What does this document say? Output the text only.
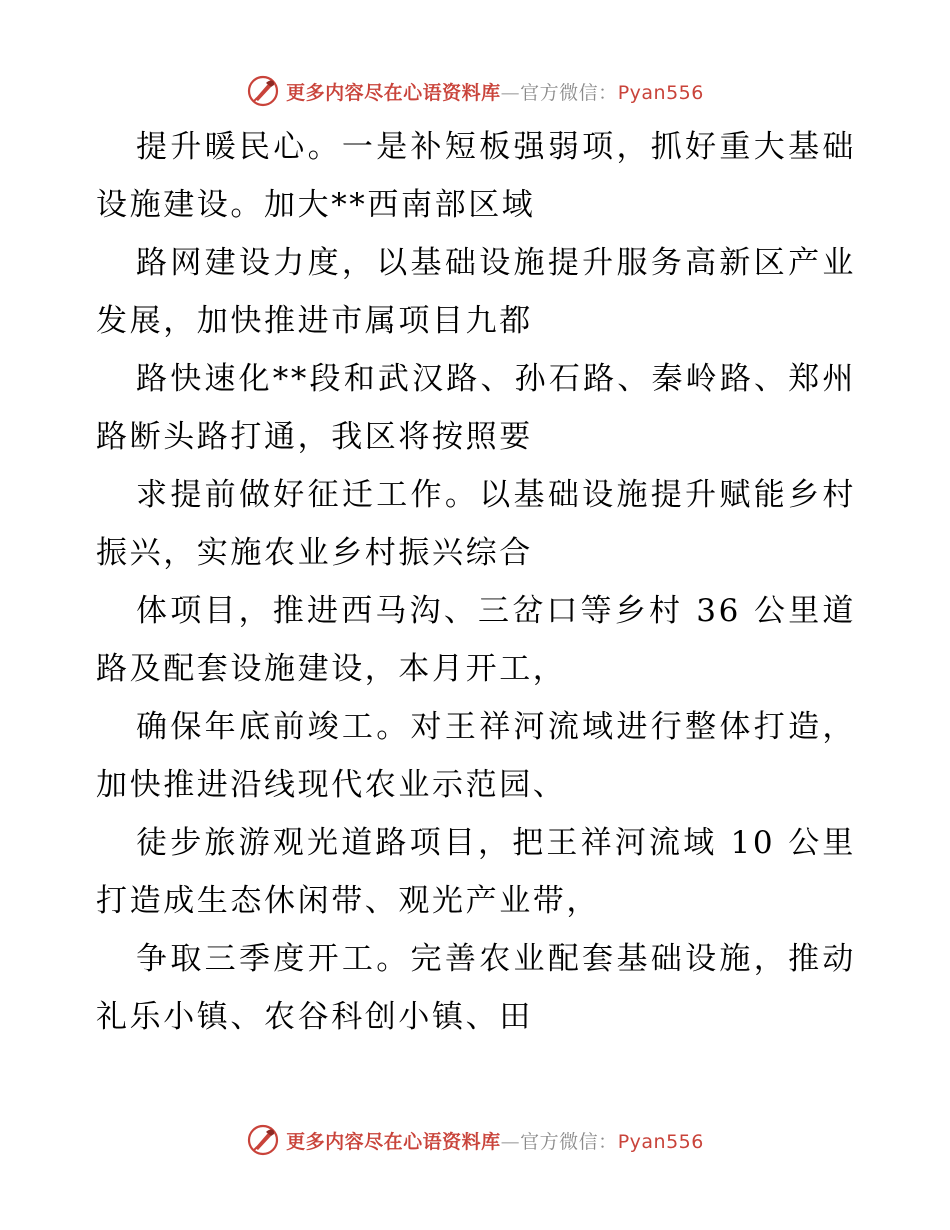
更多内容尽在心语资料库—官方微信：Pyan556
提升暖民心。一是补短板强弱项，抓好重大基础
设施建设。加大**西南部区域
路网建设力度，以基础设施提升服务高新区产业
发展，加快推进市属项目九都
路快速化**段和武汉路、孙石路、秦岭路、郑州
路断头路打通，我区将按照要
求提前做好征迁工作。以基础设施提升赋能乡村
振兴，实施农业乡村振兴综合
体项目，推进西马沟、三岔口等乡村 36 公里道
路及配套设施建设，本月开工，
确保年底前竣工。对王祥河流域进行整体打造，
加快推进沿线现代农业示范园、
徒步旅游观光道路项目，把王祥河流域 10 公里
打造成生态休闲带、观光产业带，
争取三季度开工。完善农业配套基础设施，推动
礼乐小镇、农谷科创小镇、田
更多内容尽在心语资料库—官方微信：Pyan556
